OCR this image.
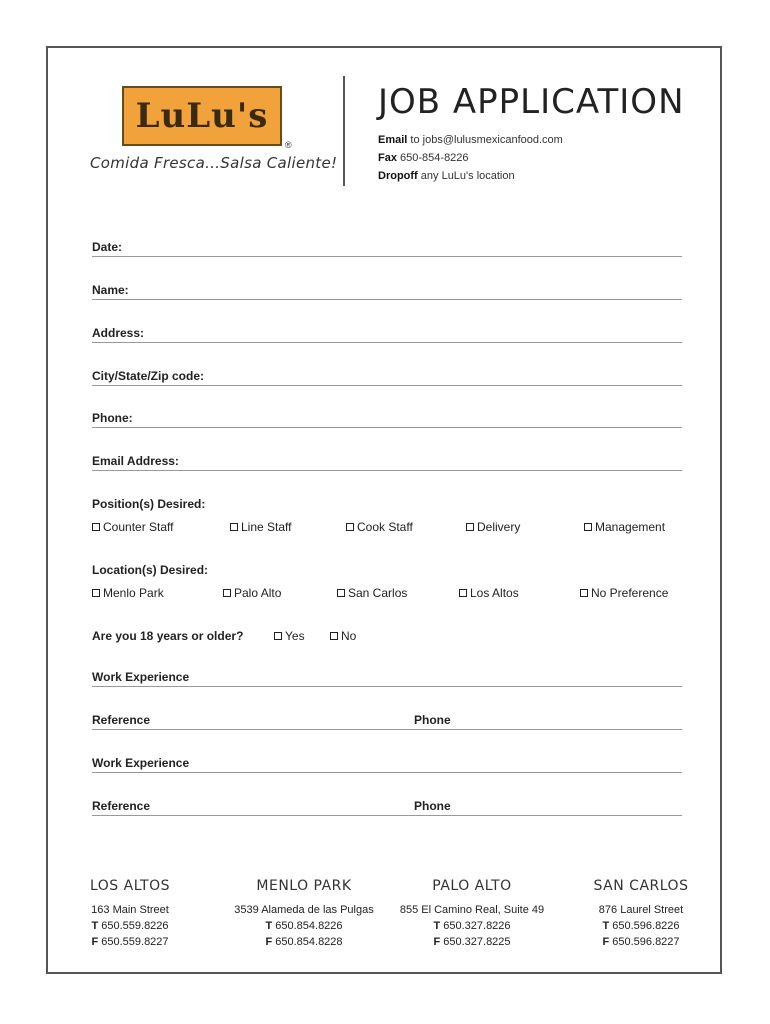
LuLu's
®
Comida Fresca...Salsa Caliente!
JOB APPLICATION
Email to jobs@lulusmexicanfood.com
Fax 650-854-8226
Dropoff any LuLu's location
Date:
Name:
Address:
City/State/Zip code:
Phone:
Email Address:
Position(s) Desired:
Counter Staff	Line Staff	Cook Staff	Delivery	Management
Location(s) Desired:
Menlo Park	Palo Alto	San Carlos	Los Altos	No Preference
Are you 18 years or older?	Yes	No
Work Experience
Reference	Phone
Work Experience
Reference	Phone
LOS ALTOS
163 Main Street
T 650.559.8226
F 650.559.8227
MENLO PARK
3539 Alameda de las Pulgas
T 650.854.8226
F 650.854.8228
PALO ALTO
855 El Camino Real, Suite 49
T 650.327.8226
F 650.327.8225
SAN CARLOS
876 Laurel Street
T 650.596.8226
F 650.596.8227
